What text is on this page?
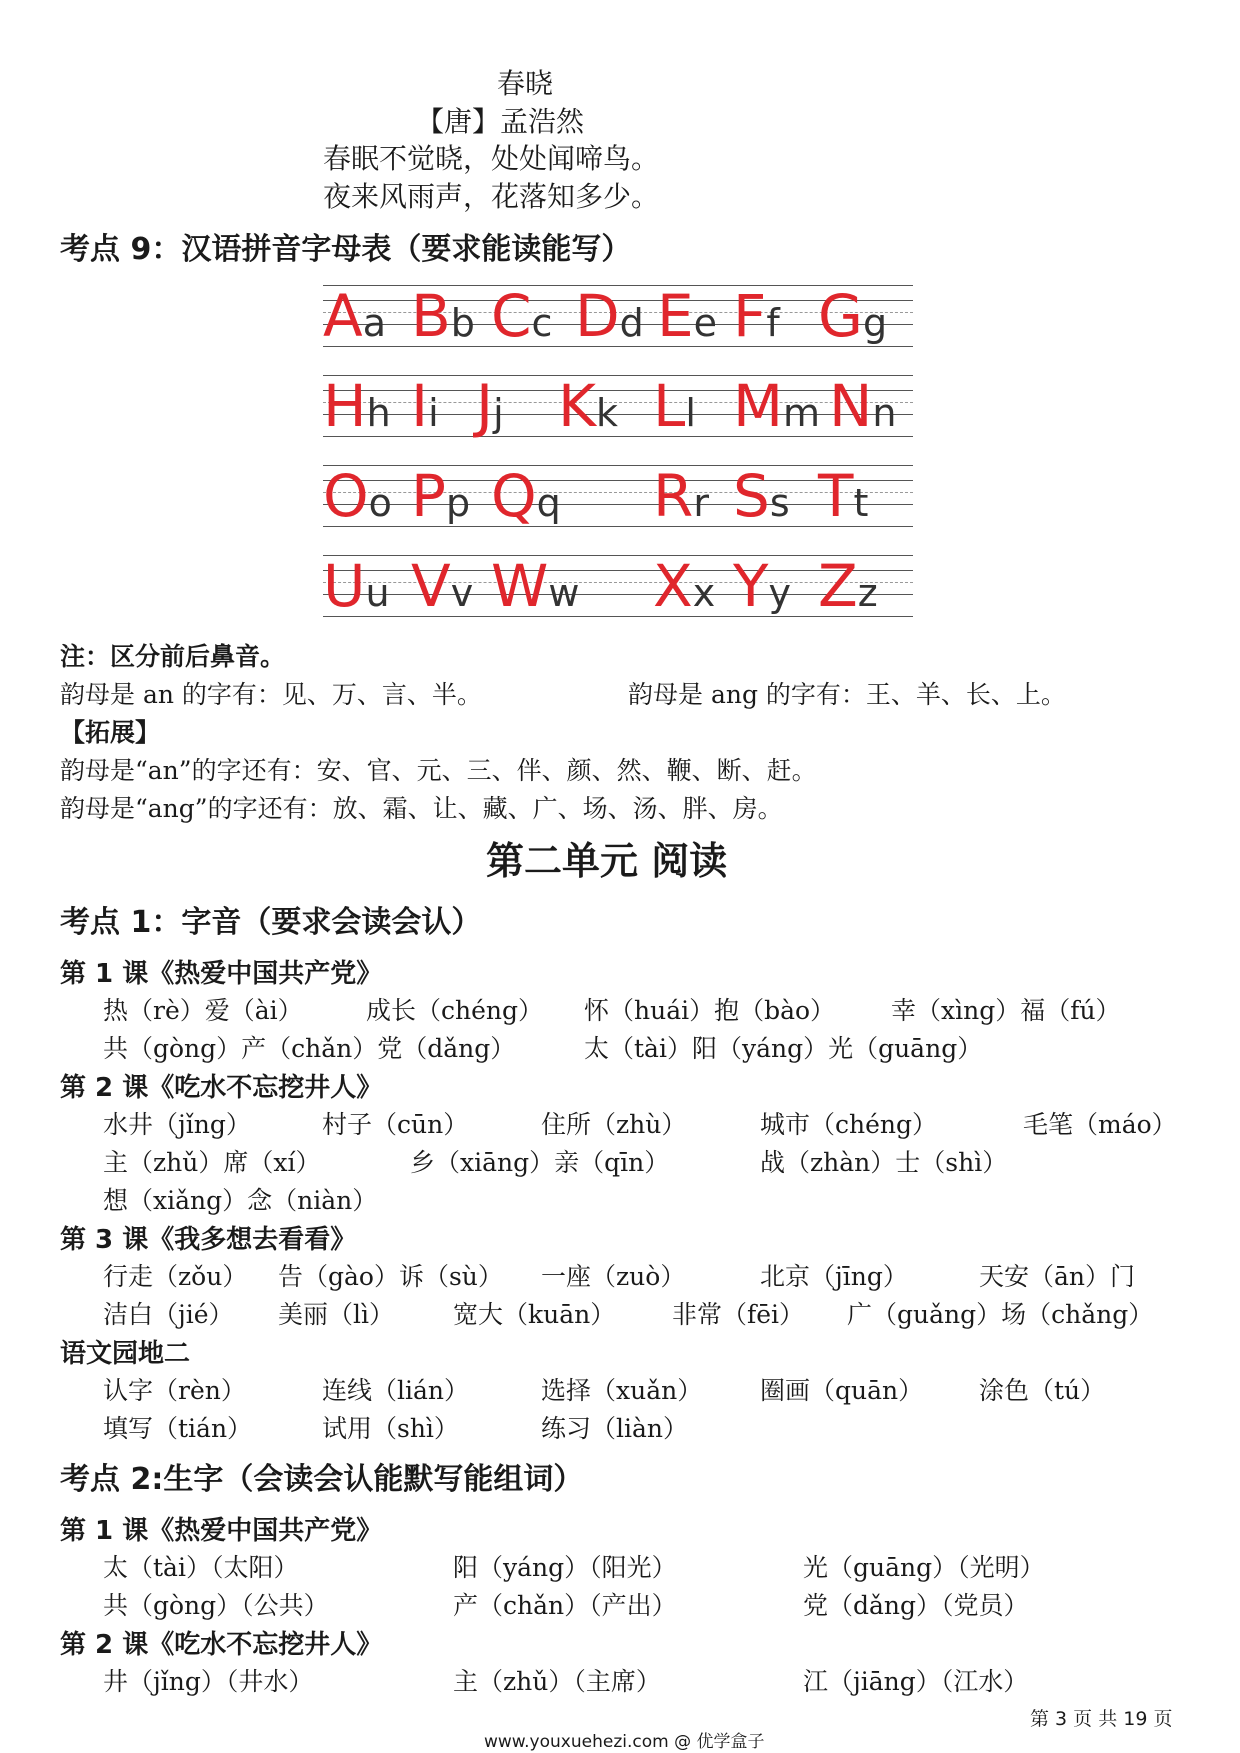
春晓
【唐】孟浩然
春眠不觉晓，处处闻啼鸟。
夜来风雨声，花落知多少。
考点 9：汉语拼音字母表（要求能读能写）
Aa Bb Cc Dd Ee Ff Gg
Hh Ii Jj Kk Ll Mm Nn
Oo Pp Qq Rr Ss Tt
Uu Vv Ww Xx Yy Zz
注：区分前后鼻音。
韵母是 an 的字有：见、万、言、半。	韵母是 ang 的字有：王、羊、长、上。
【拓展】
韵母是“an”的字还有：安、官、元、三、伴、颜、然、鞭、断、赶。
韵母是“ang”的字还有：放、霜、让、藏、广、场、汤、胖、房。
第二单元 阅读
考点 1：字音（要求会读会认）
第 1 课《热爱中国共产党》
热（rè）爱（ài）	成长（chéng） 怀（huái）抱（bào） 幸（xìng）福（fú）
共（gòng）产（chǎn）党（dǎng）	太（tài）阳（yáng）光（guāng）
第 2 课《吃水不忘挖井人》
水井（jǐng）	村子（cūn）	住所（zhù）	城市（chéng）	毛笔（máo）
主（zhǔ）席（xí）	乡（xiāng）亲（qīn）	战（zhàn）士（shì）
想（xiǎng）念（niàn）
第 3 课《我多想去看看》
行走（zǒu） 告（gào）诉（sù） 一座（zuò）	北京（jīng）	天安（ān）门
洁白（jié） 美丽（lì） 宽大（kuān） 非常（fēi） 广（guǎng）场（chǎng）
语文园地二
认字（rèn）	连线（lián）	选择（xuǎn） 圈画（quān） 涂色（tú）
填写（tián）	试用（shì）	练习（liàn）
考点 2:生字（会读会认能默写能组词）
第 1 课《热爱中国共产党》
太（tài）（太阳）	阳（yáng）（阳光）	光（guāng）（光明）
共（gòng）（公共）	产（chǎn）（产出）	党（dǎng）（党员）
第 2 课《吃水不忘挖井人》
井（jǐng）（井水）	主（zhǔ）（主席）	江（jiāng）（江水）
第 3 页 共 19 页
www.youxuehezi.com @ 优学盒子
